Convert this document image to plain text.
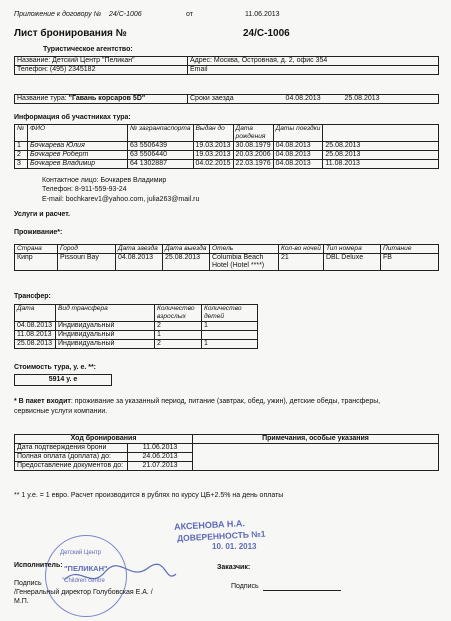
Приложение к договору № 24/С-1006	от	11.06.2013
Лист бронирования №	24/С-1006
Туристическое агентство:
Название: Детский Центр "Пеликан"	Адрес: Москва, Островная, д. 2, офис 354
Телефон: (495) 2345182	Email
Название тура: "Гавань корсаров 5D"	Сроки заезда	04.08.2013	25.08.2013
Информация об участниках тура:
№	ФИО	№ загранпаспорта	Выдан до	Дата рождения	Даты поездки	
1	Бочкарева Юлия	63 5506439	19.03.2013	30.08.1979	04.08.2013	25.08.2013
2	Бочкарев Роберт	63 5506440	19.03.2013	20.03.2006	04.08.2013	25.08.2013
3	Бочкарев Владимир	64 1302887	04.02.2015	22.03.1976	04.08.2013	11.08.2013
Контактное лицо: Бочкарев Владимир
Телефон: 8-911-559-93-24
E-mail: bochkarev1@yahoo.com, julia263@mail.ru
Услуги и расчет.
Проживание*:
Страна	Город	Дата заезда	Дата выезда	Отель	Кол-во ночей	Тип номера	Питание
Кипр	Pissouri Bay	04.08.2013	25.08.2013	Columbia Beach Hotel (Hotel ****)	21	DBL Deluxe	FB
Трансфер:
Дата	Вид трансфера	Количество взрослых	Количество детей
04.08.2013	Индивидуальный	2	1
11.08.2013	Индивидуальный	1	
25.08.2013	Индивидуальный	2	1
Стоимость тура, у. е. **:
5914 у. е
* В пакет входит: проживание за указанный период, питание (завтрак, обед, ужин), детские обеды, трансферы,
сервисные услуги компании.
Ход бронирования		Примечания, особые указания
Дата подтверждения брони	11.06.2013	
Полная оплата (доплата) до:	24.06.2013	
Предоставление документов до:	21.07.2013	
** 1 у.е. = 1 евро. Расчет производится в рублях по курсу ЦБ+2.5% на день оплаты
АКСЕНОВА Н.А.
ДОВЕРЕННОСТЬ №1
10. 01. 2013
Детский Центр
"ПЕЛИКАН"
"Children centre
Исполнитель:
Подпись
/Генеральный директор Голубовская Е.А. /
М.П.
Заказчик:
Подпись
